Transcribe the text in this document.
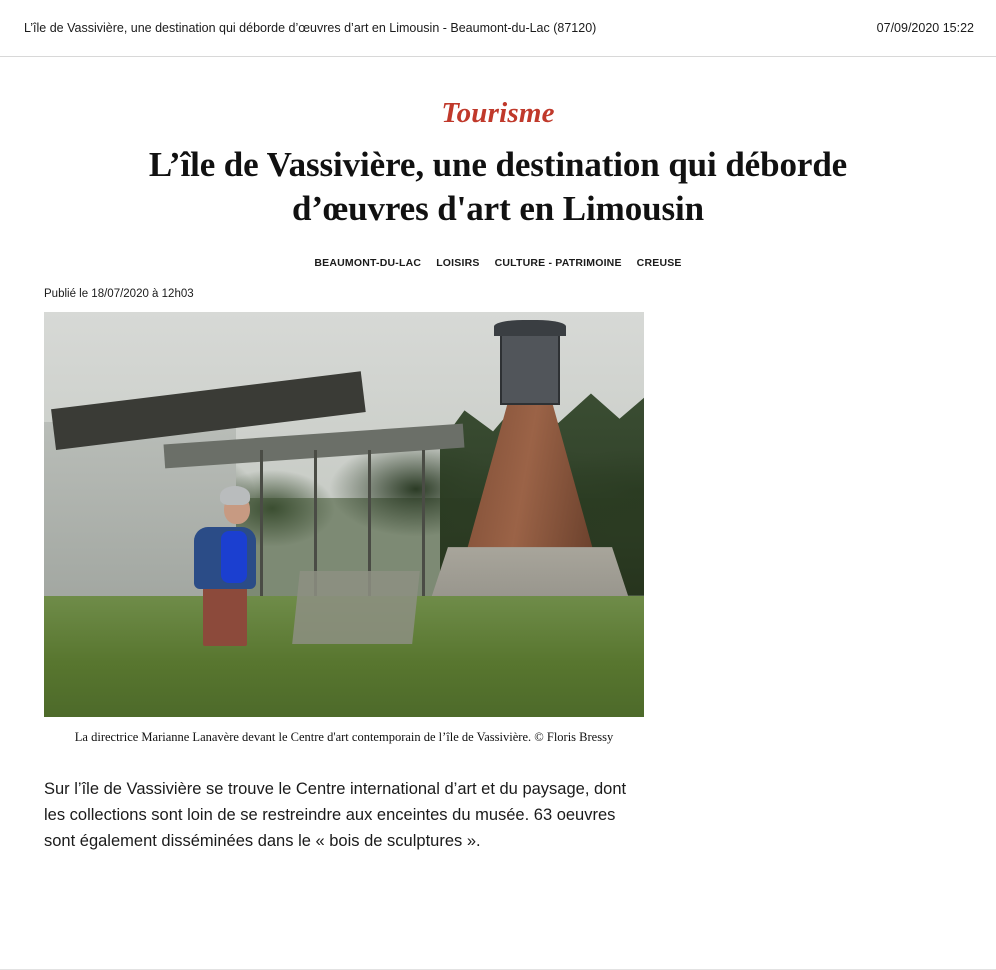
L’île de Vassivière, une destination qui déborde d’œuvres d’art en Limousin - Beaumont-du-Lac (87120)	07/09/2020 15:22
Tourisme
L’île de Vassivière, une destination qui déborde d’œuvres d'art en Limousin
BEAUMONT-DU-LAC LOISIRS CULTURE - PATRIMOINE CREUSE
Publié le 18/07/2020 à 12h03
La directrice Marianne Lanavère devant le Centre d'art contemporain de l’île de Vassivière. © Floris Bressy

Sur l’île de Vassivière se trouve le Centre international d’art et du paysage, dont les collections sont loin de se restreindre aux enceintes du musée. 63 oeuvres sont également disséminées dans le « bois de sculptures ».
